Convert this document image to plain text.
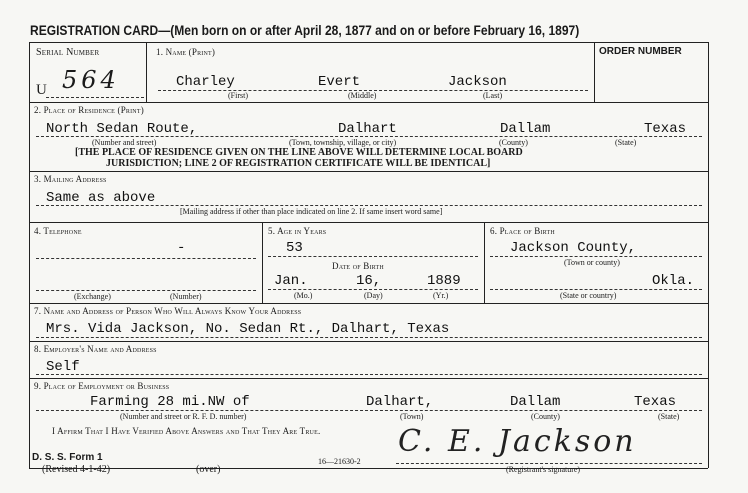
REGISTRATION CARD—(Men born on or after April 28, 1877 and on or before February 16, 1897)
Serial Number
U 564
1. Name (Print)
Charley	Evert	Jackson
(First)	(Middle)	(Last)
ORDER NUMBER
2. Place of Residence (Print)
North Sedan Route,	Dalhart	Dallam	Texas
(Number and street)	(Town, township, village, or city)	(County)	(State)
[THE PLACE OF RESIDENCE GIVEN ON THE LINE ABOVE WILL DETERMINE LOCAL BOARD
JURISDICTION; LINE 2 OF REGISTRATION CERTIFICATE WILL BE IDENTICAL]
3. Mailing Address
Same as above
[Mailing address if other than place indicated on line 2. If same insert word same]
4. Telephone
-
(Exchange)	(Number)
5. Age in Years
53
Date of Birth
Jan.	16,	1889
(Mo.)	(Day)	(Yr.)
6. Place of Birth
Jackson County,
(Town or county)
Okla.
(State or country)
7. Name and Address of Person Who Will Always Know Your Address
Mrs. Vida Jackson, No. Sedan Rt., Dalhart, Texas
8. Employer's Name and Address
Self
9. Place of Employment or Business
Farming 28 mi.NW of	Dalhart,	Dallam	Texas
(Number and street or R. F. D. number)	(Town)	(County)	(State)
I Affirm That I Have Verified Above Answers and That They Are True.	C. E. Jackson
(Registrant's signature)
D. S. S. Form 1
(Revised 4-1-42)	(over)
16—21630-2
